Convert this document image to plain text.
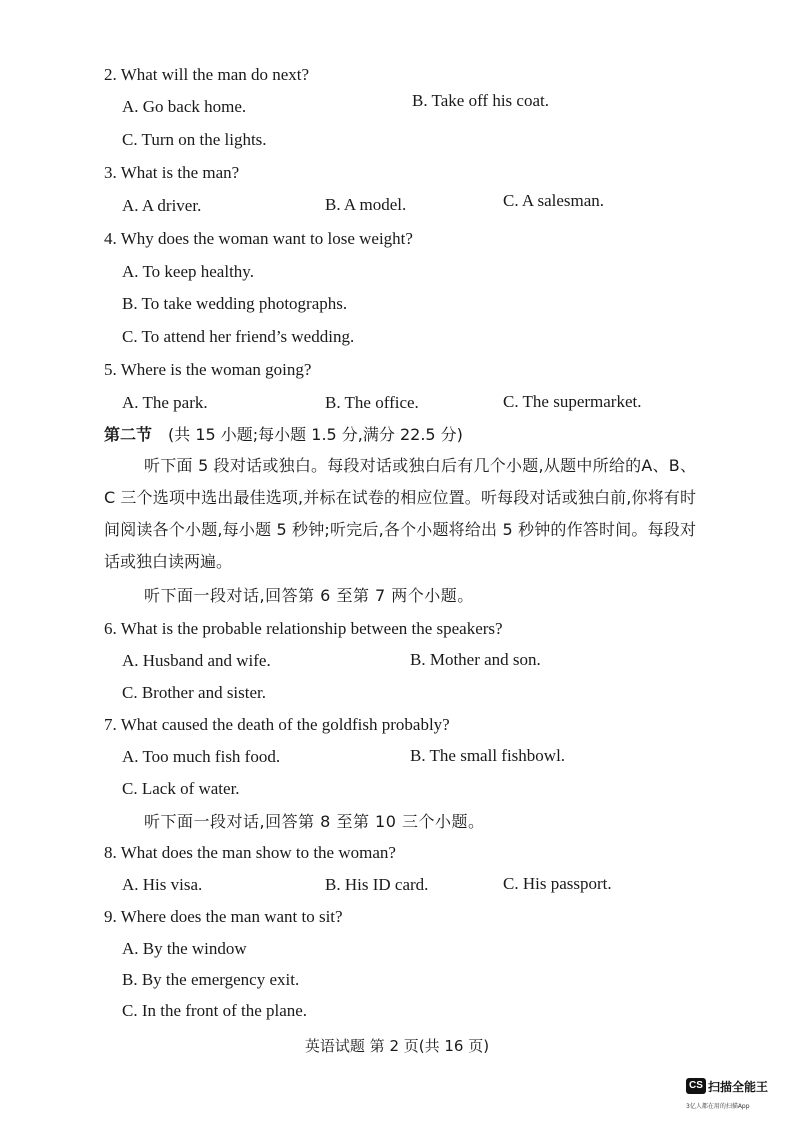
2. What will the man do next?
A. Go back home.	B. Take off his coat.
C. Turn on the lights.
3. What is the man?
A. A driver.	B. A model.	C. A salesman.
4. Why does the woman want to lose weight?
A. To keep healthy.
B. To take wedding photographs.
C. To attend her friend’s wedding.
5. Where is the woman going?
A. The park.	B. The office.	C. The supermarket.
第二节 (共 15 小题;每小题 1.5 分,满分 22.5 分)
听下面 5 段对话或独白。每段对话或独白后有几个小题,从题中所给的A、B、C 三个选项中选出最佳选项,并标在试卷的相应位置。听每段对话或独白前,你将有时间阅读各个小题,每小题 5 秒钟;听完后,各个小题将给出 5 秒钟的作答时间。每段对话或独白读两遍。
听下面一段对话,回答第 6 至第 7 两个小题。
6. What is the probable relationship between the speakers?
A. Husband and wife.	B. Mother and son.
C. Brother and sister.
7. What caused the death of the goldfish probably?
A. Too much fish food.	B. The small fishbowl.
C. Lack of water.
听下面一段对话,回答第 8 至第 10 三个小题。
8. What does the man show to the woman?
A. His visa.	B. His ID card.	C. His passport.
9. Where does the man want to sit?
A. By the window
B. By the emergency exit.
C. In the front of the plane.
英语试题 第 2 页(共 16 页)
CS 扫描全能王
3亿人都在用的扫描App
